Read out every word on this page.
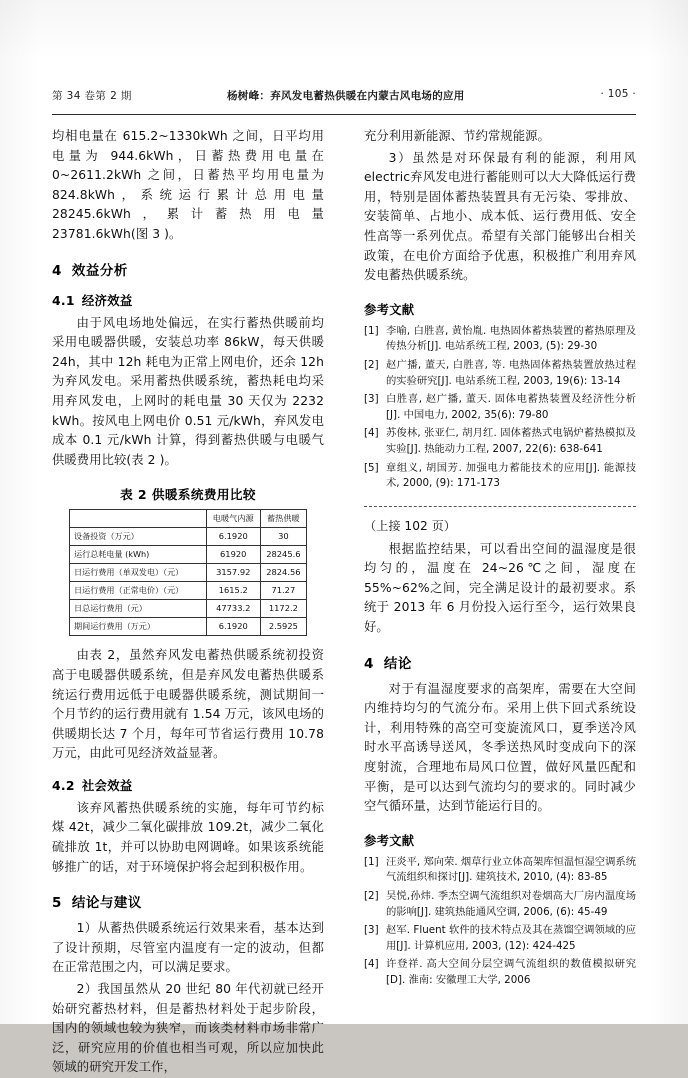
第 34 卷第 2 期	杨树峰：弃风发电蓄热供暖在内蒙古风电场的应用	· 105 ·

均相电量在 615.2~1330kWh 之间，日平均用电量为 944.6kWh，日蓄热费用电量在 0~2611.2kWh 之间，日蓄热平均用电量为 824.8kWh，系统运行累计总用电量 28245.6kWh，累计蓄热用电量 23781.6kWh(图 3 )。

4 效益分析
4.1 经济效益

由于风电场地处偏远，在实行蓄热供暖前均采用电暖器供暖，安装总功率 86kW，每天供暖 24h，其中 12h 耗电为正常上网电价，还余 12h 为弃风发电。采用蓄热供暖系统，蓄热耗电均采用弃风发电，上网时的耗电量 30 天仅为 2232 kWh。按风电上网电价 0.51 元/kWh，弃风发电成本 0.1 元/kWh 计算，得到蓄热供暖与电暖气供暖费用比较(表 2 )。

表 2 供暖系统费用比较
	电暖气内源	蓄热供暖
设备投资（万元）	6.1920	30
运行总耗电量 (kWh)	61920	28245.6
日运行费用（单双发电）（元）	3157.92	2824.56
日运行费用（正常电价）（元）	1615.2	71.27
日总运行费用（元）	47733.2	1172.2
期间运行费用（万元）	6.1920	2.5925

由表 2，虽然弃风发电蓄热供暖系统初投资高于电暖器供暖系统，但是弃风发电蓄热供暖系统运行费用远低于电暖器供暖系统，测试期间一个月节约的运行费用就有 1.54 万元，该风电场的供暖期长达 7 个月，每年可节省运行费用 10.78 万元，由此可见经济效益显著。

4.2 社会效益

该弃风蓄热供暖系统的实施，每年可节约标煤 42t，减少二氧化碳排放 109.2t，减少二氧化硫排放 1t，并可以协助电网调峰。如果该系统能够推广的话，对于环境保护将会起到积极作用。

5 结论与建议

1）从蓄热供暖系统运行效果来看，基本达到了设计预期，尽管室内温度有一定的波动，但都在正常范围之内，可以满足要求。

2）我国虽然从 20 世纪 80 年代初就已经开始研究蓄热材料，但是蓄热材料处于起步阶段，国内的领域也较为狭窄，而该类材料市场非常广泛，研究应用的价值也相当可观，所以应加快此领域的研究开发工作，

充分利用新能源、节约常规能源。

3）虽然是对环保最有利的能源，利用风electric弃风发电进行蓄能则可以大大降低运行费用，特别是固体蓄热装置具有无污染、零排放、安装简单、占地小、成本低、运行费用低、安全性高等一系列优点。希望有关部门能够出台相关政策，在电价方面给予优惠，积极推广利用弃风发电蓄热供暖系统。

参考文献
[1] 李喻, 白胜喜, 黄怡胤. 电热固体蓄热装置的蓄热原理及传热分析[J]. 电站系统工程, 2003, (5): 29-30
[2] 赵广播, 董天, 白胜喜, 等. 电热固体蓄热装置放热过程的实验研究[J]. 电站系统工程, 2003, 19(6): 13-14
[3] 白胜喜, 赵广播, 董天. 固体电蓄热装置及经济性分析[J]. 中国电力, 2002, 35(6): 79-80
[4] 苏俊林, 张亚仁, 胡月红. 固体蓄热式电锅炉蓄热模拟及实验[J]. 热能动力工程, 2007, 22(6): 638-641
[5] 章组义, 胡国芳. 加强电力蓄能技术的应用[J]. 能源技术, 2000, (9): 171-173
（上接 102 页）

根据监控结果，可以看出空间的温湿度是很均匀的，温度在 24~26℃之间，湿度在 55%~62%之间，完全满足设计的最初要求。系统于 2013 年 6 月份投入运行至今，运行效果良好。

4 结论

对于有温湿度要求的高架库，需要在大空间内维持均匀的气流分布。采用上供下回式系统设计，利用特殊的高空可变旋流风口，夏季送冷风时水平高诱导送风，冬季送热风时变成向下的深度射流，合理地布局风口位置，做好风量匹配和平衡，是可以达到气流均匀的要求的。同时减少空气循环量，达到节能运行目的。

参考文献
[1] 汪炎平, 郑向荣. 烟草行业立体高架库恒温恒湿空调系统气流组织和探讨[J]. 建筑技术, 2010, (4): 83-85
[2] 吴悦,孙炜. 季杰空调气流组织对卷烟高大厂房内温度场的影响[J]. 建筑热能通风空调, 2006, (6): 45-49
[3] 赵军. Fluent 软件的技术特点及其在蒸馏空调领域的应用[J]. 计算机应用, 2003, (12): 424-425
[4] 许登祥. 高大空间分层空调气流组织的数值模拟研究[D]. 淮南: 安徽理工大学, 2006
